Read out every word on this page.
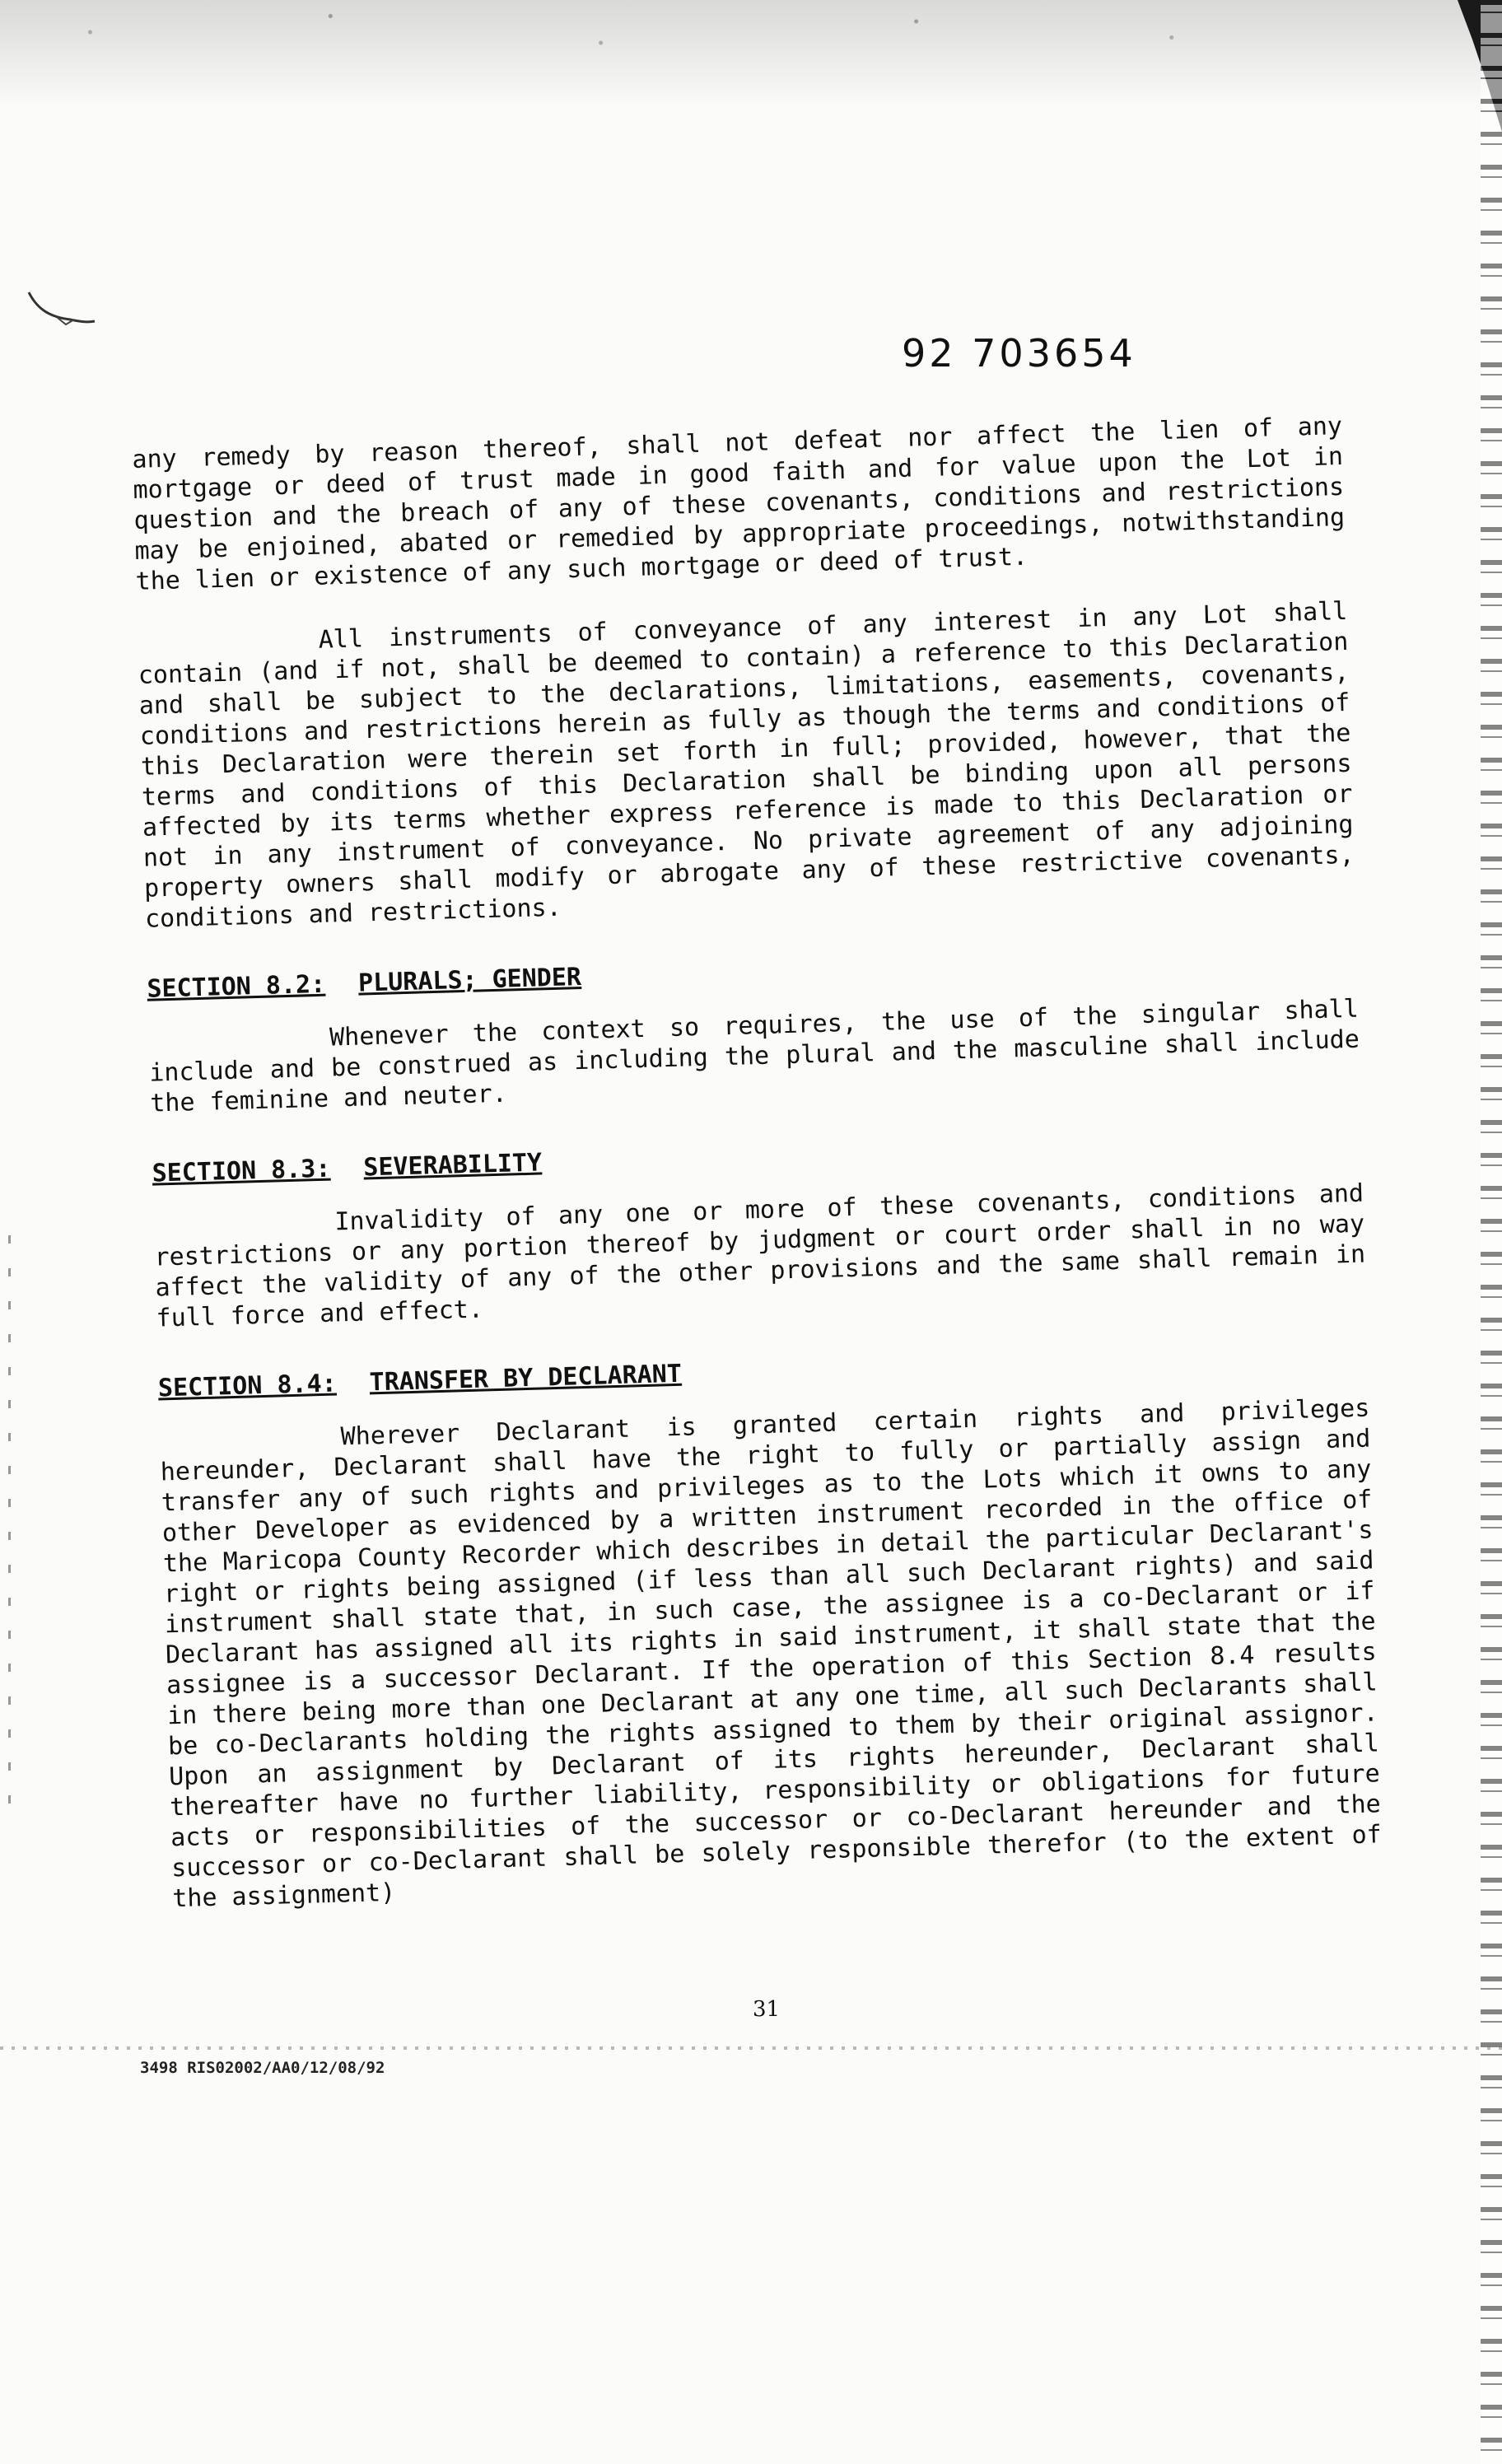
92 703654

any remedy by reason thereof, shall not defeat nor affect the lien of any mortgage or deed of trust made in good faith and for value upon the Lot in question and the breach of any of these covenants, conditions and restrictions may be enjoined, abated or remedied by appropriate proceedings, notwithstanding the lien or existence of any such mortgage or deed of trust.

All instruments of conveyance of any interest in any Lot shall contain (and if not, shall be deemed to contain) a reference to this Declaration and shall be subject to the declarations, limitations, easements, covenants, conditions and restrictions herein as fully as though the terms and conditions of this Declaration were therein set forth in full; provided, however, that the terms and conditions of this Declaration shall be binding upon all persons affected by its terms whether express reference is made to this Declaration or not in any instrument of conveyance. No private agreement of any adjoining property owners shall modify or abrogate any of these restrictive covenants, conditions and restrictions.

SECTION 8.2: PLURALS; GENDER

Whenever the context so requires, the use of the singular shall include and be construed as including the plural and the masculine shall include the feminine and neuter.

SECTION 8.3: SEVERABILITY

Invalidity of any one or more of these covenants, conditions and restrictions or any portion thereof by judgment or court order shall in no way affect the validity of any of the other provisions and the same shall remain in full force and effect.

SECTION 8.4: TRANSFER BY DECLARANT

Wherever Declarant is granted certain rights and privileges hereunder, Declarant shall have the right to fully or partially assign and transfer any of such rights and privileges as to the Lots which it owns to any other Developer as evidenced by a written instrument recorded in the office of the Maricopa County Recorder which describes in detail the particular Declarant's right or rights being assigned (if less than all such Declarant rights) and said instrument shall state that, in such case, the assignee is a co-Declarant or if Declarant has assigned all its rights in said instrument, it shall state that the assignee is a successor Declarant. If the operation of this Section 8.4 results in there being more than one Declarant at any one time, all such Declarants shall be co-Declarants holding the rights assigned to them by their original assignor. Upon an assignment by Declarant of its rights hereunder, Declarant shall thereafter have no further liability, responsibility or obligations for future acts or responsibilities of the successor or co-Declarant hereunder and the successor or co-Declarant shall be solely responsible therefor (to the extent of the assignment)

31
3498 RIS02002/AA0/12/08/92
